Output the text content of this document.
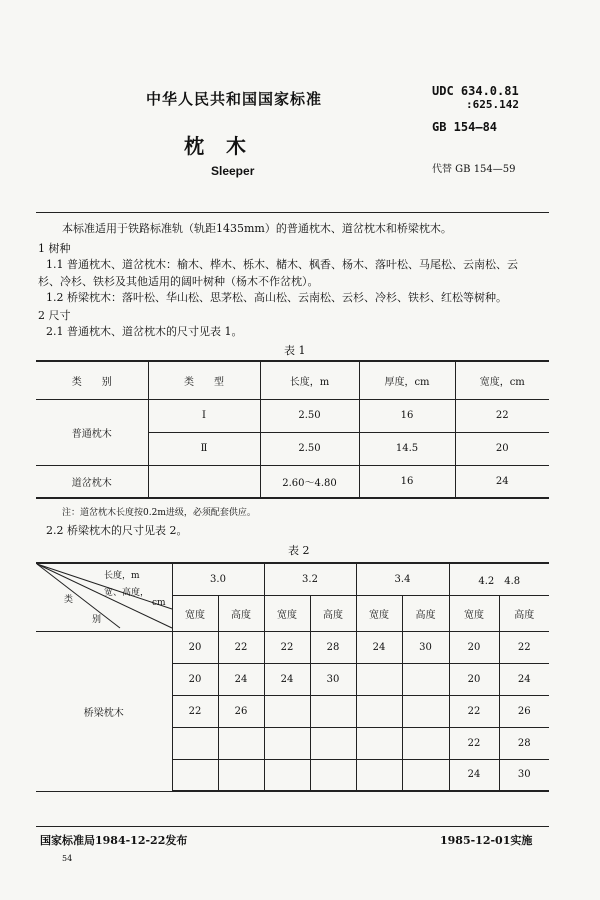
中华人民共和国国家标准	UDC 634.0.81
:625.142
枕木
GB 154—84
Sleeper	代替 GB 154—59
本标准适用于铁路标准轨（轨距1435mm）的普通枕木、道岔枕木和桥梁枕木。
1 树种
1.1 普通枕木、道岔枕木：榆木、桦木、栎木、槠木、枫香、杨木、落叶松、马尾松、云南松、云
杉、冷杉、铁杉及其他适用的阔叶树种（杨木不作岔枕）。
1.2 桥梁枕木：落叶松、华山松、思茅松、高山松、云南松、云杉、冷杉、铁杉、红松等树种。
2 尺寸
2.1 普通枕木、道岔枕木的尺寸见表 1。
表 1
类　　别	类　　型	长度，m	厚度，cm	宽度，cm
普通枕木	Ⅰ	2.50	16	22
	Ⅱ	2.50	14.5	20
道岔枕木		2.60～4.80	16	24
注：道岔枕木长度按0.2m进级，必须配套供应。
2.2 桥梁枕木的尺寸见表 2。
表 2
	3.0		3.2		3.4		4.2　4.8	
	宽度	高度	宽度	高度	宽度	高度	宽度	高度
桥梁枕木	20	22	22	28	24	30	20	22
	20	24	24	30			20	24
	22	26					22	26
							22	28
							24	30
长度，m
宽、高度，
cm
类
别
国家标准局1984-12-22发布	1985-12-01实施
54
